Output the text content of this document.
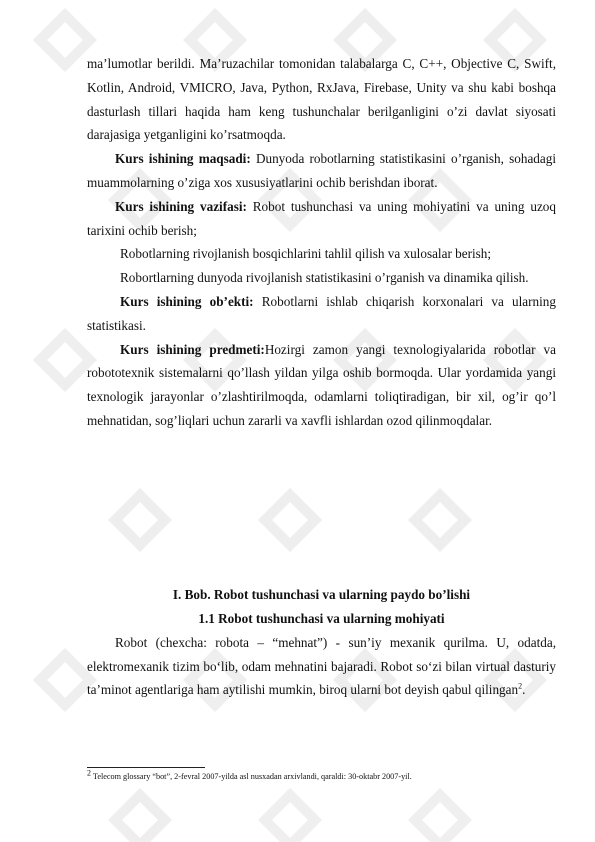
ma’lumotlar berildi. Ma’ruzachilar tomonidan talabalarga C, C++, Objective C, Swift, Kotlin, Android, VMICRO, Java, Python, RxJava, Firebase, Unity va shu kabi boshqa dasturlash tillari haqida ham keng tushunchalar berilganligini o’zi davlat siyosati darajasiga yetganligini ko’rsatmoqda.

Kurs ishining maqsadi: Dunyoda robotlarning statistikasini o’rganish, sohadagi muammolarning o’ziga xos xususiyatlarini ochib berishdan iborat.

Kurs ishining vazifasi: Robot tushunchasi va uning mohiyatini va uning uzoq tarixini ochib berish;

Robotlarning rivojlanish bosqichlarini tahlil qilish va xulosalar berish;

Robortlarning dunyoda rivojlanish statistikasini o’rganish va dinamika qilish.

Kurs ishining ob’ekti: Robotlarni ishlab chiqarish korxonalari va ularning statistikasi.

Kurs ishining predmeti:Hozirgi zamon yangi texnologiyalarida robotlar va robototexnik sistemalarni qo’llash yildan yilga oshib bormoqda. Ular yordamida yangi texnologik jarayonlar o’zlashtirilmoqda, odamlarni toliqtiradigan, bir xil, og’ir qo’l mehnatidan, sog’liqlari uchun zararli va xavfli ishlardan ozod qilinmoqdalar.

I. Bob. Robot tushunchasi va ularning paydo bo’lishi

1.1 Robot tushunchasi va ularning mohiyati

Robot (chexcha: robota – “mehnat”) - sun’iy mexanik qurilma. U, odatda, elektromexanik tizim bo‘lib, odam mehnatini bajaradi. Robot so‘zi bilan virtual dasturiy ta’minot agentlariga ham aytilishi mumkin, biroq ularni bot deyish qabul qilingan$^2$.

$^2$ Telecom glossary “bot”, 2-fevral 2007-yilda asl nusxadan arxivlandi, qaraldi: 30-oktabr 2007-yil.
